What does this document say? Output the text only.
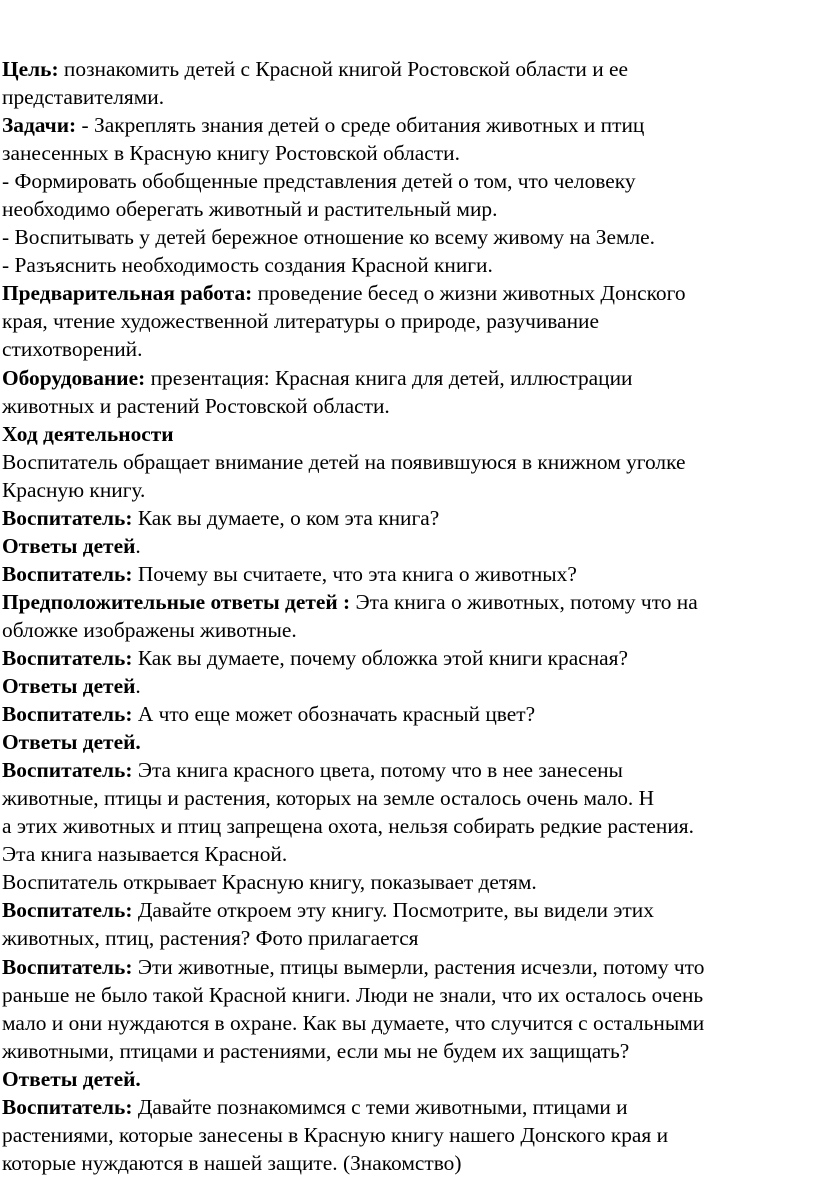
Цель: познакомить детей с Красной книгой Ростовской области и ее
представителями.
Задачи: - Закреплять знания детей о среде обитания животных и птиц
занесенных в Красную книгу Ростовской области.
- Формировать обобщенные представления детей о том, что человеку
необходимо оберегать животный и растительный мир.
- Воспитывать у детей бережное отношение ко всему живому на Земле.
- Разъяснить необходимость создания Красной книги.
Предварительная работа: проведение бесед о жизни животных Донского
края, чтение художественной литературы о природе, разучивание
стихотворений.
Оборудование: презентация: Красная книга для детей, иллюстрации
животных и растений Ростовской области.
Ход деятельности
Воспитатель обращает внимание детей на появившуюся в книжном уголке
Красную книгу.
Воспитатель: Как вы думаете, о ком эта книга?
Ответы детей.
Воспитатель: Почему вы считаете, что эта книга о животных?
Предположительные ответы детей : Эта книга о животных, потому что на
обложке изображены животные.
Воспитатель: Как вы думаете, почему обложка этой книги красная?
Ответы детей.
Воспитатель: А что еще может обозначать красный цвет?
Ответы детей.
Воспитатель: Эта книга красного цвета, потому что в нее занесены
животные, птицы и растения, которых на земле осталось очень мало. Н
а этих животных и птиц запрещена охота, нельзя собирать редкие растения.
Эта книга называется Красной.
Воспитатель открывает Красную книгу, показывает детям.
Воспитатель: Давайте откроем эту книгу. Посмотрите, вы видели этих
животных, птиц, растения? Фото прилагается
Воспитатель: Эти животные, птицы вымерли, растения исчезли, потому что
раньше не было такой Красной книги. Люди не знали, что их осталось очень
мало и они нуждаются в охране. Как вы думаете, что случится с остальными
животными, птицами и растениями, если мы не будем их защищать?
Ответы детей.
Воспитатель: Давайте познакомимся с теми животными, птицами и
растениями, которые занесены в Красную книгу нашего Донского края и
которые нуждаются в нашей защите. (Знакомство)
